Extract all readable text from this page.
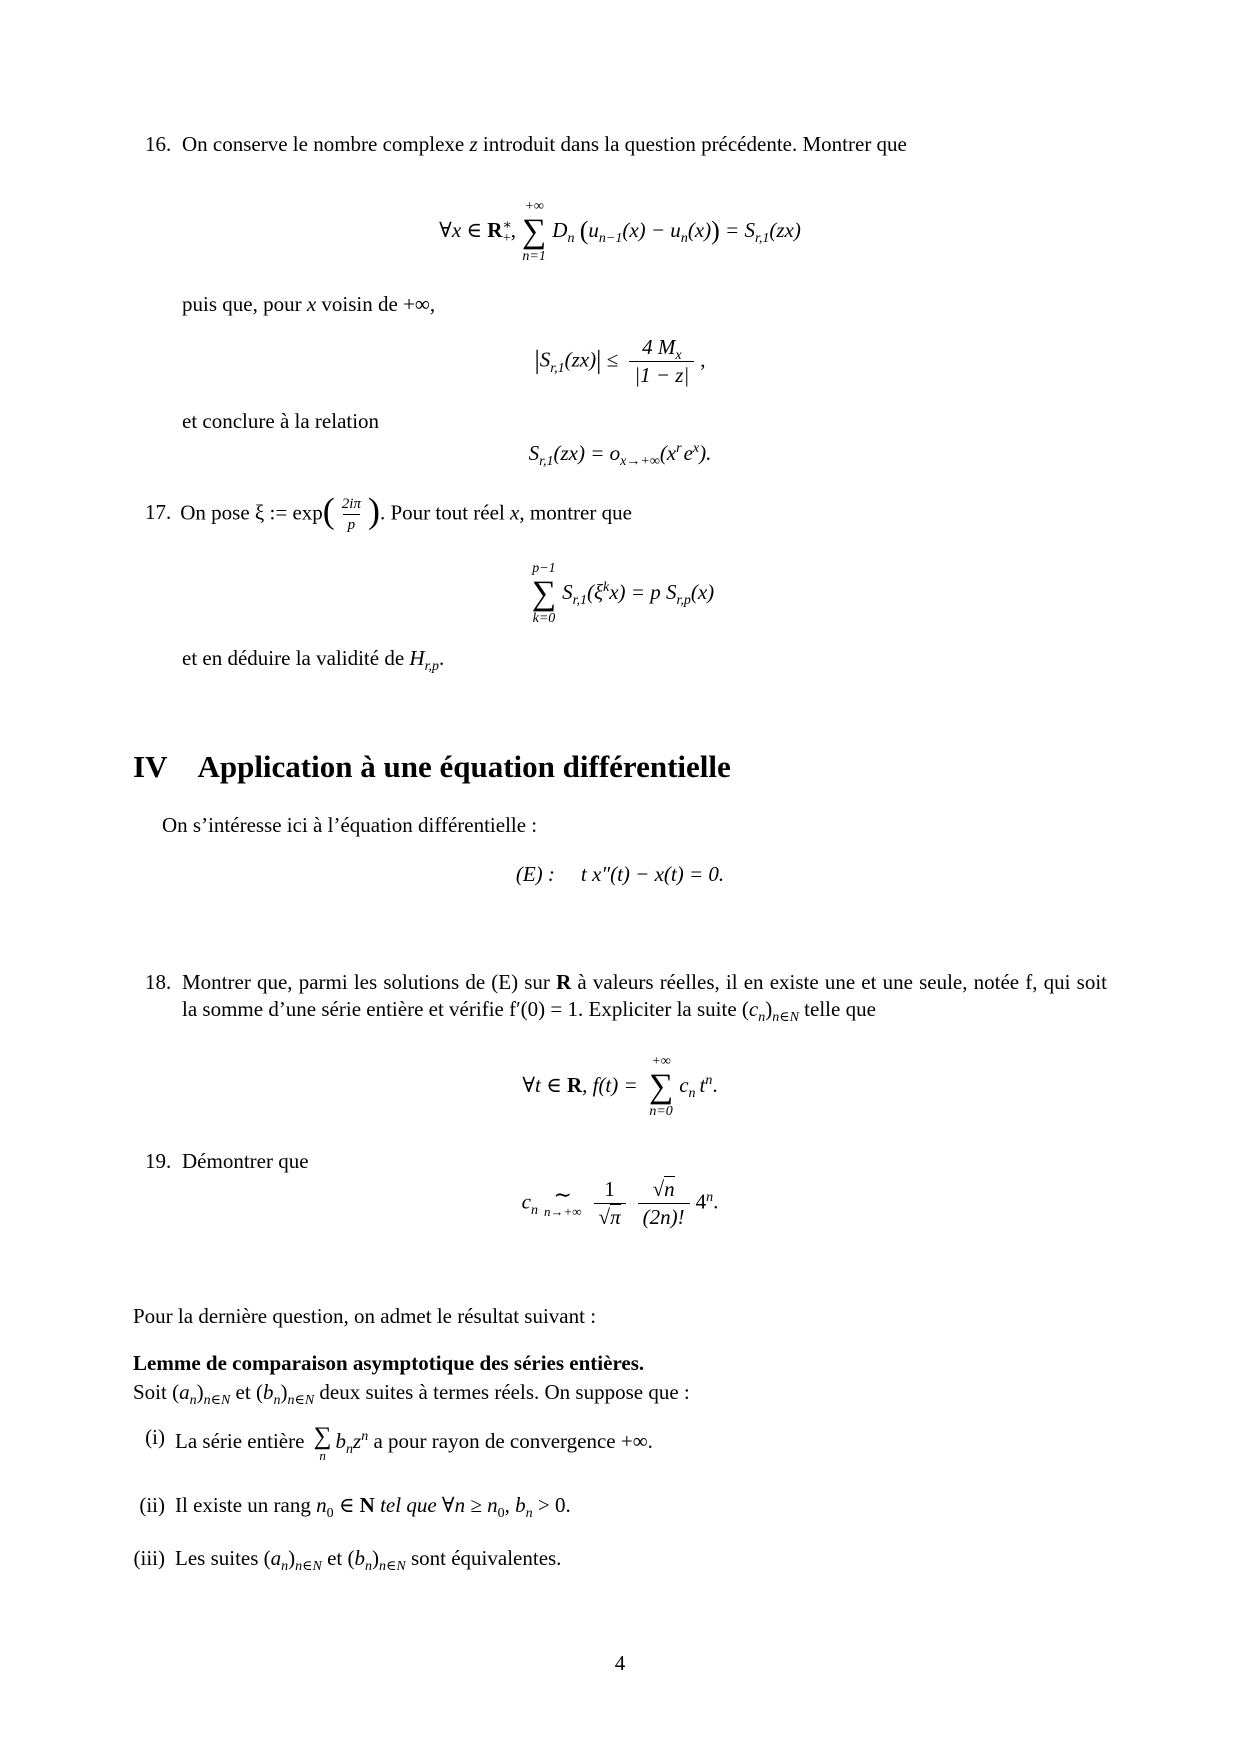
16. On conserve le nombre complexe z introduit dans la question précédente. Montrer que
∀x ∈ $R^∗_+$,
+∞
∑
n=1
$D_n$ $(u_{n-1}(x) - u_n(x)) = S_{r,1}(zx)$
puis que, pour x voisin de +∞,
$|S_{r,1}(zx)| \le \frac{4 M_x}{|1 - z|}$ ,
et conclure à la relation
$S_{r,1}(zx) = o_{x\to+\infty}(x^re^x)$.
17. On pose ξ := $\exp( \frac{2i\pi}{p}$ ). Pour tout réel x, montrer que
p−1
∑
k=0
$S_{r,1}(\xi^kx) = p$ $S_{r,p}(x)$
et en déduire la validité de $H_{r,p}$.
IV Application à une équation différentielle
On s’intéresse ici à l’équation différentielle :
(E) : t x″(t) − x(t) = 0.
18. Montrer que, parmi les solutions de (E) sur R à valeurs réelles, il en existe une et une seule, notée f, qui soit la somme d’une série entière et vérifie f′(0) = 1. Expliciter la suite $(c_n)_{n\in N}$ telle que
∀t ∈ R, f(t) =
+∞
∑
n=0
$c_n$ $t^n$.
19. Démontrer que
$c_n$
∼
$n\to+\infty \frac{1}{√\pi} \frac{√n}{(2n)!} 4^n$.
Pour la dernière question, on admet le résultat suivant :
Lemme de comparaison asymptotique des séries entières.
Soit $(a_n)_{n\in N}$ et $(b_n)_{n\in N}$ deux suites à termes réels. On suppose que :
(i) La série entière ∑
n
$b_nz^n$ a pour rayon de convergence +∞.
(ii) Il existe un rang $n_0$ ∈ N tel que ∀n ≥ $n_0$, $b_n > 0$.
(iii) Les suites $(a_n)_{n\in N}$ et $(b_n)_{n\in N}$ sont équivalentes.
4
